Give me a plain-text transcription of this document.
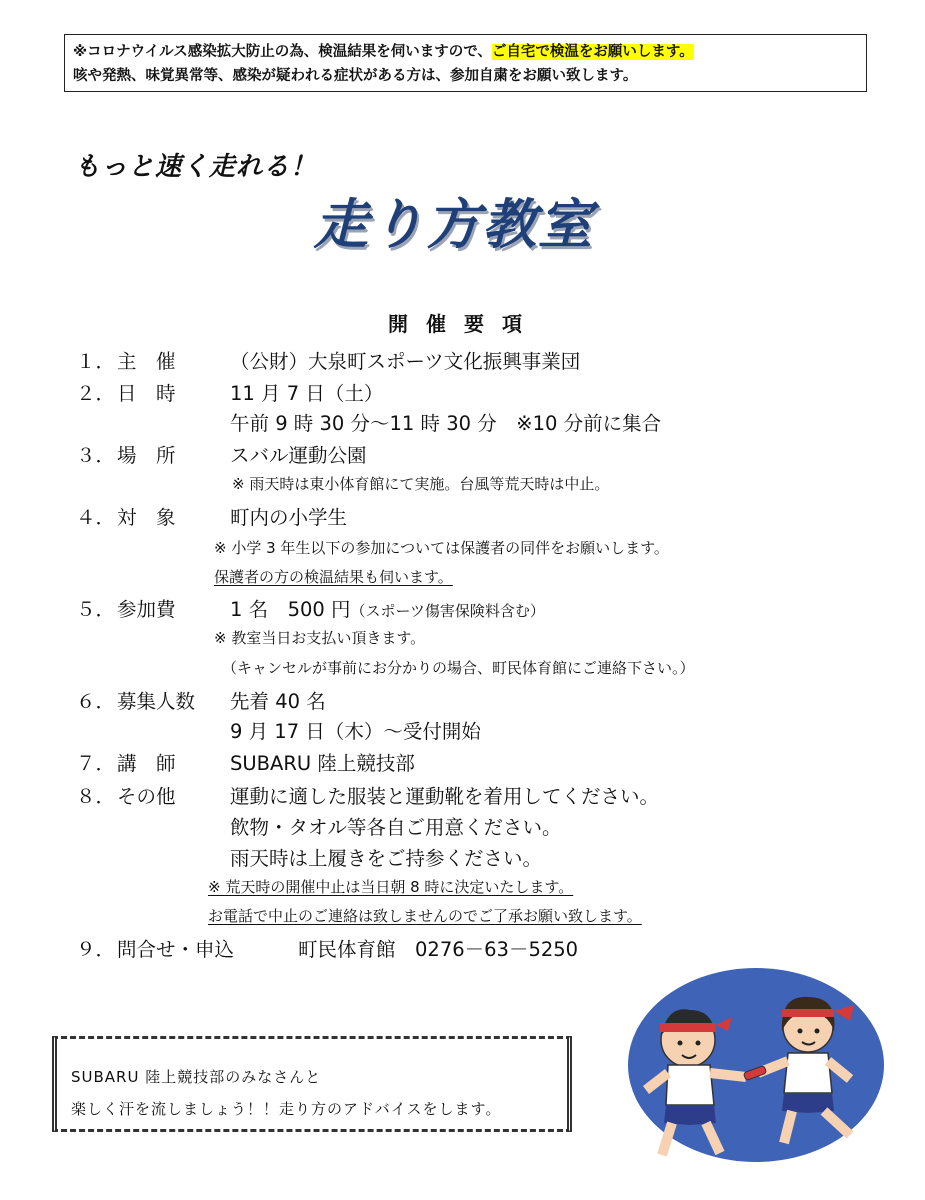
※コロナウイルス感染拡大防止の為、検温結果を伺いますので、ご自宅で検温をお願いします。
咳や発熱、味覚異常等、感染が疑われる症状がある方は、参加自粛をお願い致します。
もっと速く走れる！
走り方教室
開催要項
１． 主　催	（公財）大泉町スポーツ文化振興事業団
２． 日　時	11 月 7 日（土）
午前 9 時 30 分～11 時 30 分　※10 分前に集合
３． 場　所	スバル運動公園
※ 雨天時は東小体育館にて実施。台風等荒天時は中止。
４． 対　象	町内の小学生
※ 小学 3 年生以下の参加については保護者の同伴をお願いします。
保護者の方の検温結果も伺います。
５． 参加費	1 名　500 円（スポーツ傷害保険料含む）
※ 教室当日お支払い頂きます。
（キャンセルが事前にお分かりの場合、町民体育館にご連絡下さい。）
６． 募集人数 先着 40 名
9 月 17 日（木）～受付開始
７． 講　師	SUBARU 陸上競技部
８． その他	運動に適した服装と運動靴を着用してください。
飲物・タオル等各自ご用意ください。
雨天時は上履きをご持参ください。
※ 荒天時の開催中止は当日朝 8 時に決定いたします。
お電話で中止のご連絡は致しませんのでご了承お願い致します。
９． 問合せ・申込	町民体育館　0276－63－5250
SUBARU 陸上競技部のみなさんと
楽しく汗を流しましょう！！走り方のアドバイスをします。
